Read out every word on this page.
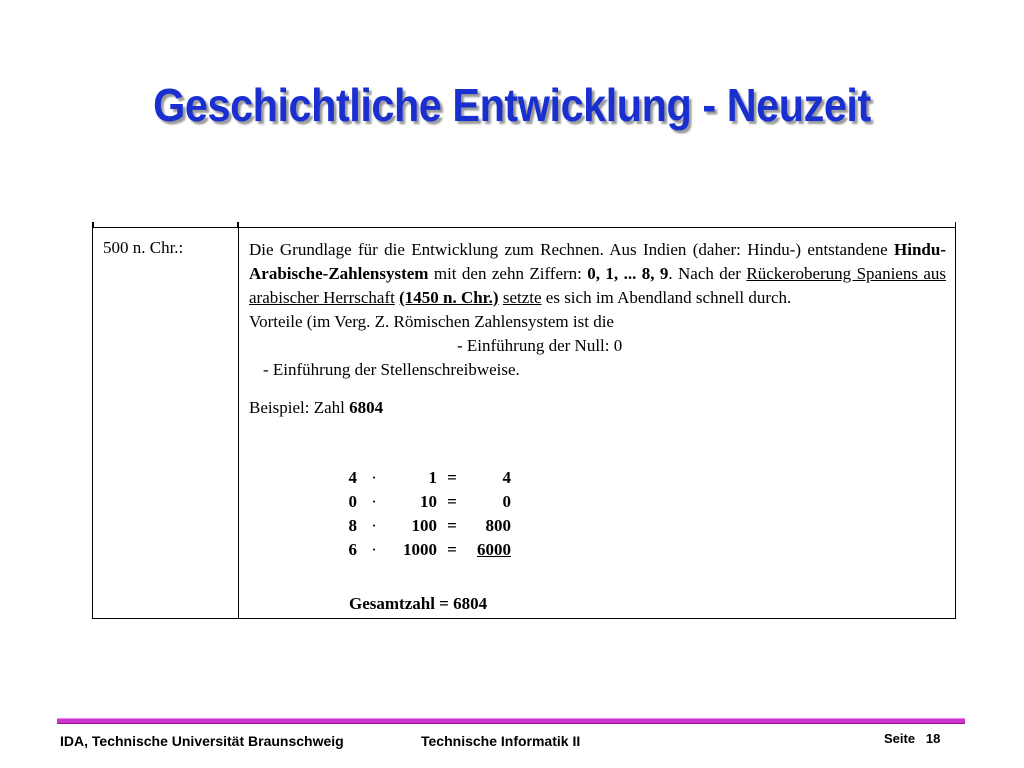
Geschichtliche Entwicklung - Neuzeit
500 n. Chr.:	Die Grundlage für die Entwicklung zum Rechnen. Aus Indien (daher: Hindu-) entstandene Hindu-Arabische-Zahlensystem mit den zehn Ziffern: 0, 1, ... 8, 9. Nach der Rückeroberung Spaniens aus arabischer Herrschaft (1450 n. Chr.) setzte es sich im Abendland schnell durch.

Vorteile (im Verg. Z. Römischen Zahlensystem ist die

- Einführung der Null: 0

- Einführung der Stellenschreibweise.

Beispiel: Zahl 6804

4 ·	1 =	4
0 ·	10 =	0
8 ·	100 =	800
6 ·	1000 =	6000
Gesamtzahl = 6804
IDA, Technische Universität Braunschweig	Technische Informatik II	Seite 18
